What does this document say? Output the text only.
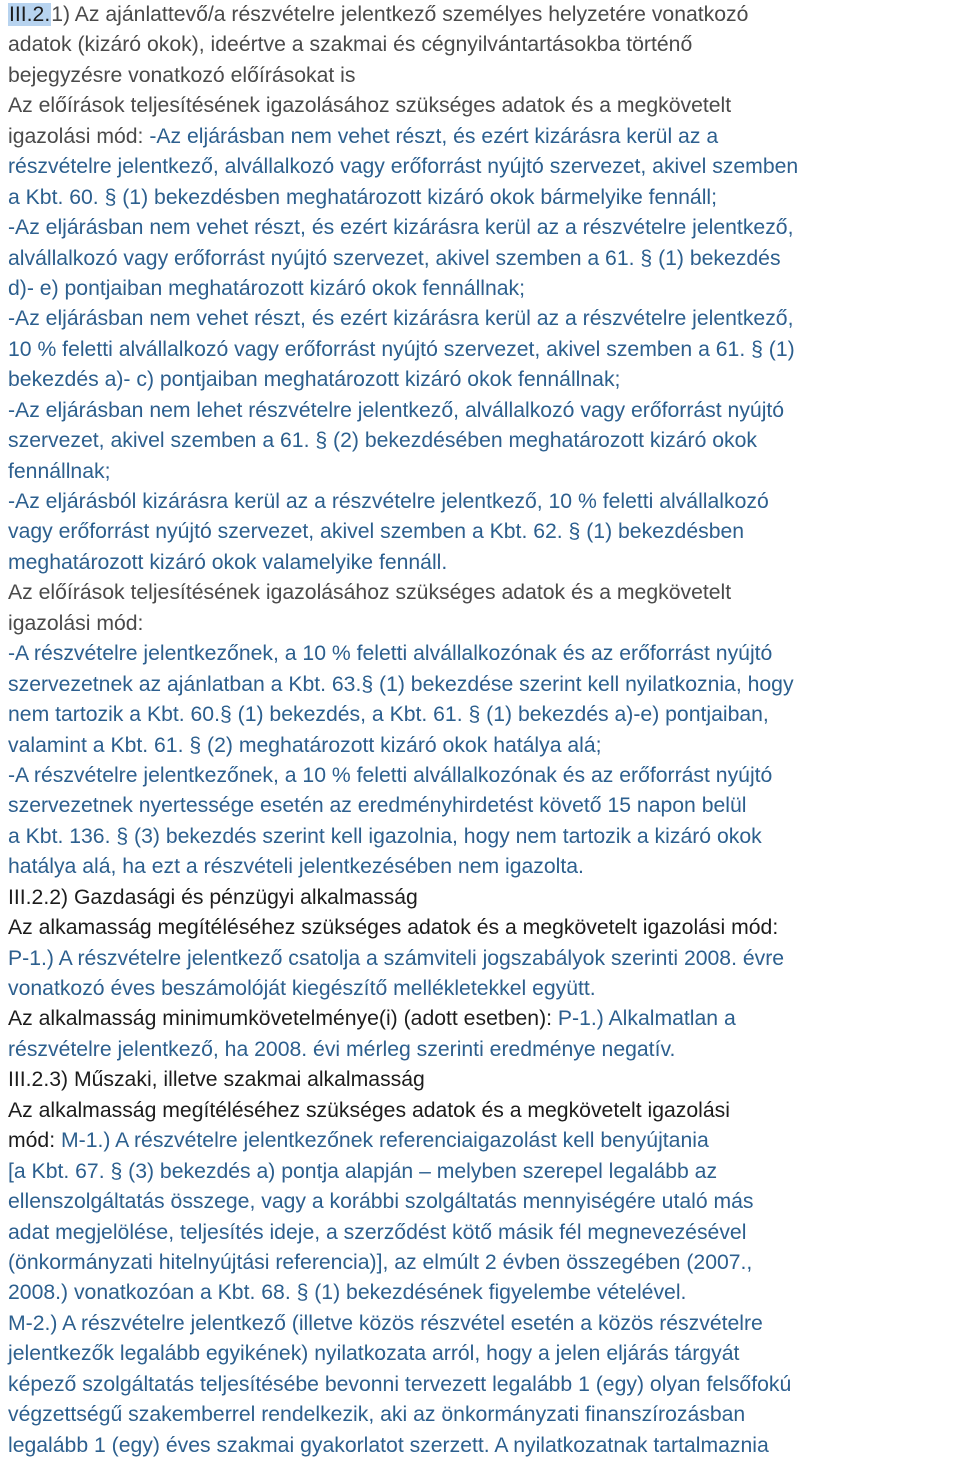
III.2.1) Az ajánlattevő/a részvételre jelentkező személyes helyzetére vonatkozó
adatok (kizáró okok), ideértve a szakmai és cégnyilvántartásokba történő
bejegyzésre vonatkozó előírásokat is
Az előírások teljesítésének igazolásához szükséges adatok és a megkövetelt
igazolási mód: -Az eljárásban nem vehet részt, és ezért kizárásra kerül az a
részvételre jelentkező, alvállalkozó vagy erőforrást nyújtó szervezet, akivel szemben
a Kbt. 60. § (1) bekezdésben meghatározott kizáró okok bármelyike fennáll;
-Az eljárásban nem vehet részt, és ezért kizárásra kerül az a részvételre jelentkező,
alvállalkozó vagy erőforrást nyújtó szervezet, akivel szemben a 61. § (1) bekezdés
d)- e) pontjaiban meghatározott kizáró okok fennállnak;
-Az eljárásban nem vehet részt, és ezért kizárásra kerül az a részvételre jelentkező,
10 % feletti alvállalkozó vagy erőforrást nyújtó szervezet, akivel szemben a 61. § (1)
bekezdés a)- c) pontjaiban meghatározott kizáró okok fennállnak;
-Az eljárásban nem lehet részvételre jelentkező, alvállalkozó vagy erőforrást nyújtó
szervezet, akivel szemben a 61. § (2) bekezdésében meghatározott kizáró okok
fennállnak;
-Az eljárásból kizárásra kerül az a részvételre jelentkező, 10 % feletti alvállalkozó
vagy erőforrást nyújtó szervezet, akivel szemben a Kbt. 62. § (1) bekezdésben
meghatározott kizáró okok valamelyike fennáll.
Az előírások teljesítésének igazolásához szükséges adatok és a megkövetelt
igazolási mód:
-A részvételre jelentkezőnek, a 10 % feletti alvállalkozónak és az erőforrást nyújtó
szervezetnek az ajánlatban a Kbt. 63.§ (1) bekezdése szerint kell nyilatkoznia, hogy
nem tartozik a Kbt. 60.§ (1) bekezdés, a Kbt. 61. § (1) bekezdés a)-e) pontjaiban,
valamint a Kbt. 61. § (2) meghatározott kizáró okok hatálya alá;
-A részvételre jelentkezőnek, a 10 % feletti alvállalkozónak és az erőforrást nyújtó
szervezetnek nyertessége esetén az eredményhirdetést követő 15 napon belül
a Kbt. 136. § (3) bekezdés szerint kell igazolnia, hogy nem tartozik a kizáró okok
hatálya alá, ha ezt a részvételi jelentkezésében nem igazolta.
III.2.2) Gazdasági és pénzügyi alkalmasság
Az alkamasság megítéléséhez szükséges adatok és a megkövetelt igazolási mód:
P-1.) A részvételre jelentkező csatolja a számviteli jogszabályok szerinti 2008. évre
vonatkozó éves beszámolóját kiegészítő mellékletekkel együtt.
Az alkalmasság minimumkövetelménye(i) (adott esetben): P-1.) Alkalmatlan a
részvételre jelentkező, ha 2008. évi mérleg szerinti eredménye negatív.
III.2.3) Műszaki, illetve szakmai alkalmasság
Az alkalmasság megítéléséhez szükséges adatok és a megkövetelt igazolási
mód: M-1.) A részvételre jelentkezőnek referenciaigazolást kell benyújtania
[a Kbt. 67. § (3) bekezdés a) pontja alapján – melyben szerepel legalább az
ellenszolgáltatás összege, vagy a korábbi szolgáltatás mennyiségére utaló más
adat megjelölése, teljesítés ideje, a szerződést kötő másik fél megnevezésével
(önkormányzati hitelnyújtási referencia)], az elmúlt 2 évben összegében (2007.,
2008.) vonatkozóan a Kbt. 68. § (1) bekezdésének figyelembe vételével.
M-2.) A részvételre jelentkező (illetve közös részvétel esetén a közös részvételre
jelentkezők legalább egyikének) nyilatkozata arról, hogy a jelen eljárás tárgyát
képező szolgáltatás teljesítésébe bevonni tervezett legalább 1 (egy) olyan felsőfokú
végzettségű szakemberrel rendelkezik, aki az önkormányzati finanszírozásban
legalább 1 (egy) éves szakmai gyakorlatot szerzett. A nyilatkozatnak tartalmaznia
